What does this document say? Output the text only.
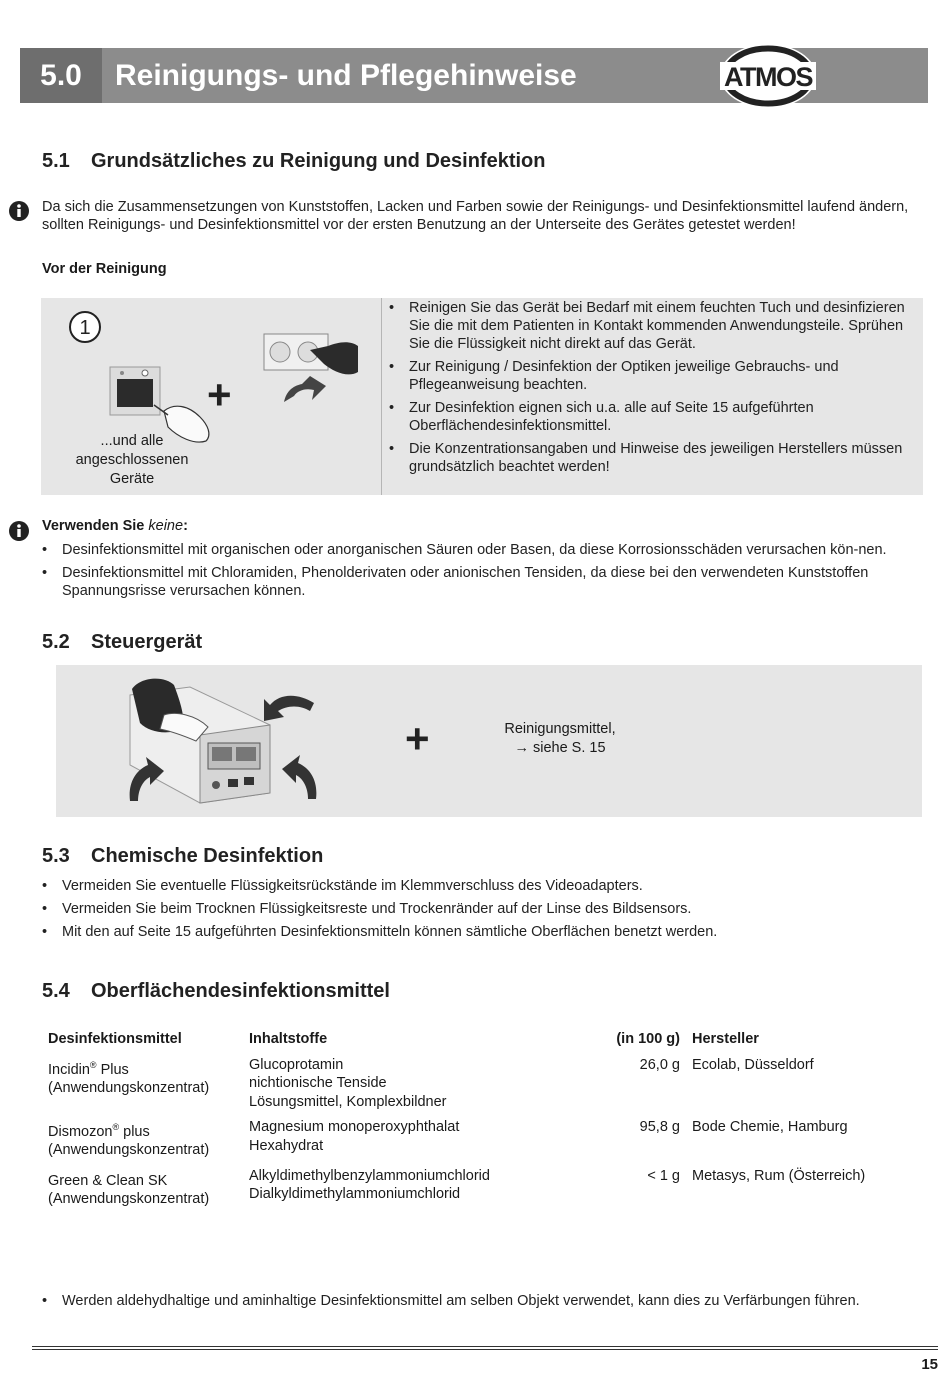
5.0	Reinigungs- und Pflegehinweise	ATMOS
5.1 Grundsätzliches zu Reinigung und Desinfektion
Da sich die Zusammensetzungen von Kunststoffen, Lacken und Farben sowie der Reinigungs- und Desinfektionsmittel laufend ändern, sollten Reinigungs- und Desinfektionsmittel vor der ersten Benutzung an der Unterseite des Gerätes getestet werden!
Vor der Reinigung
1
+
...und alle angeschlossenen Geräte
• Reinigen Sie das Gerät bei Bedarf mit einem feuchten Tuch und desinfizieren Sie die mit dem Patienten in Kontakt kommenden Anwendungsteile. Sprühen Sie die Flüssigkeit nicht direkt auf das Gerät.
• Zur Reinigung / Desinfektion der Optiken jeweilige Gebrauchs- und Pflegeanweisung beachten.
• Zur Desinfektion eignen sich u.a. alle auf Seite 15 aufgeführten Oberflächendesinfektionsmittel.
• Die Konzentrationsangaben und Hinweise des jeweiligen Herstellers müssen grundsätzlich beachtet werden!
Verwenden Sie keine:
• Desinfektionsmittel mit organischen oder anorganischen Säuren oder Basen, da diese Korrosionsschäden verursachen kön-nen.
• Desinfektionsmittel mit Chloramiden, Phenolderivaten oder anionischen Tensiden, da diese bei den verwendeten Kunststoffen Spannungsrisse verursachen können.
5.2 Steuergerät
+	Reinigungsmittel,
→ siehe S. 15
5.3 Chemische Desinfektion
• Vermeiden Sie eventuelle Flüssigkeitsrückstände im Klemmverschluss des Videoadapters.
• Vermeiden Sie beim Trocknen Flüssigkeitsreste und Trockenränder auf der Linse des Bildsensors.
• Mit den auf Seite 15 aufgeführten Desinfektionsmitteln können sämtliche Oberflächen benetzt werden.
5.4 Oberflächendesinfektionsmittel
Desinfektionsmittel	Inhaltstoffe	(in 100 g)	Hersteller
Incidin® Plus
(Anwendungskonzentrat)	Glucoprotamin
nichtionische Tenside
Lösungsmittel, Komplexbildner	26,0 g	Ecolab, Düsseldorf
Dismozon® plus
(Anwendungskonzentrat)	Magnesium monoperoxyphthalat
Hexahydrat	95,8 g	Bode Chemie, Hamburg
Green & Clean SK
(Anwendungskonzentrat)	Alkyldimethylbenzylammoniumchlorid
Dialkyldimethylammoniumchlorid	< 1 g	Metasys, Rum (Österreich)
• Werden aldehydhaltige und aminhaltige Desinfektionsmittel am selben Objekt verwendet, kann dies zu Verfärbungen führen.
15
